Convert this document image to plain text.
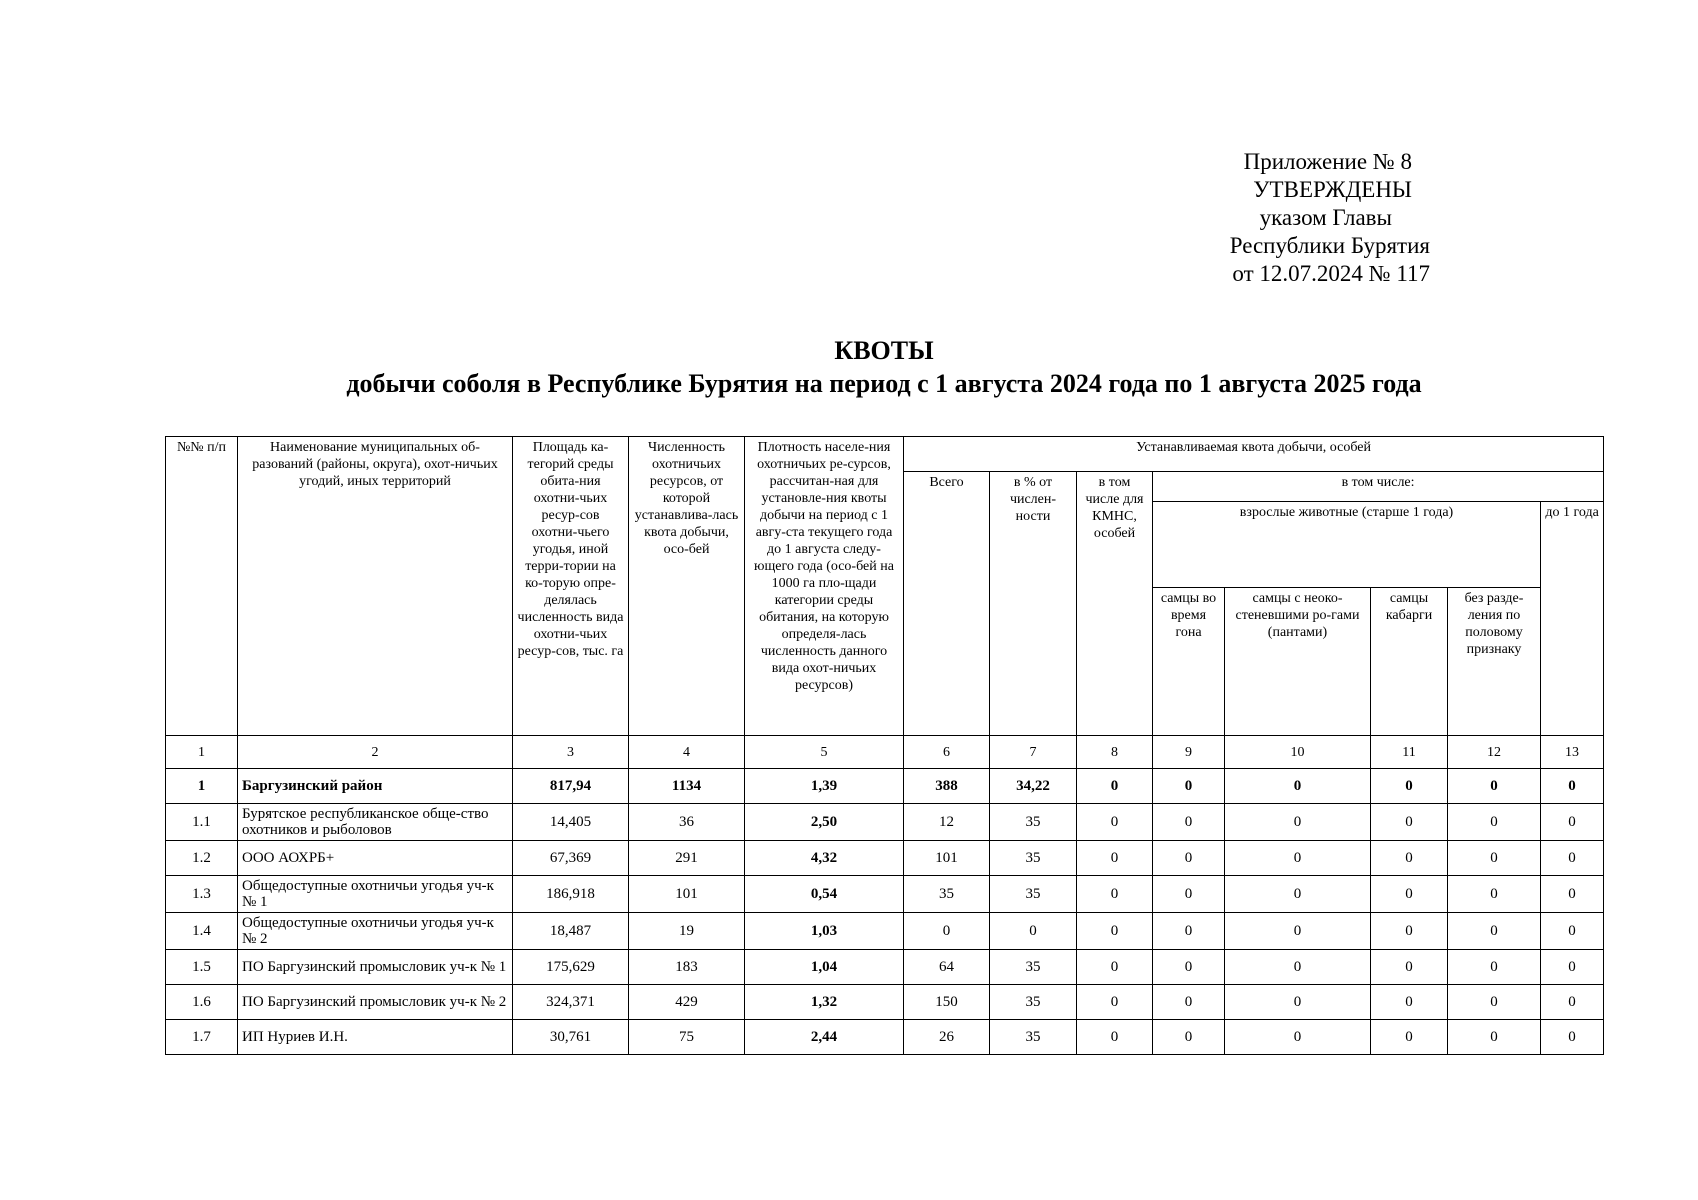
Приложение № 8
УТВЕРЖДЕНЫ
указом Главы
Республики Бурятия
от 12.07.2024 № 117
КВОТЫ
добычи соболя в Республике Бурятия на период с 1 августа 2024 года по 1 августа 2025 года
№№ п/п	Наименование муниципальных об-разований (районы, округа), охот-ничьих угодий, иных территорий	Площадь ка-тегорий среды обита-ния охотни-чьих ресур-сов охотни-чьего угодья, иной терри-тории на ко-торую опре-делялась численность вида охотни-чьих ресур-сов, тыс. га	Численность охотничьих ресурсов, от которой устанавлива-лась квота добычи, осо-бей	Плотность населе-ния охотничьих ре-сурсов, рассчитан-ная для установле-ния квоты добычи на период с 1 авгу-ста текущего года до 1 августа следу-ющего года (осо-бей на 1000 га пло-щади категории среды обитания, на которую определя-лась численность данного вида охот-ничьих ресурсов)	Устанавливаемая квота добычи, особей							
					Всего	в % от числен-ности	в том числе для КМНС, особей	в том числе:				
								взрослые животные (старше 1 года)				до 1 года
								самцы во время гона	самцы с неоко-стеневшими ро-гами (пантами)	самцы кабарги	без разде-ления по половому признаку	
1	2	3	4	5	6	7	8	9	10	11	12	13
1	Баргузинский район	817,94	1134	1,39	388	34,22	0	0	0	0	0	0
1.1	Бурятское республиканское обще-ство охотников и рыболовов	14,405	36	2,50	12	35	0	0	0	0	0	0
1.2	ООО АОХРБ+	67,369	291	4,32	101	35	0	0	0	0	0	0
1.3	Общедоступные охотничьи угодья уч-к № 1	186,918	101	0,54	35	35	0	0	0	0	0	0
1.4	Общедоступные охотничьи угодья уч-к № 2	18,487	19	1,03	0	0	0	0	0	0	0	0
1.5	ПО Баргузинский промысловик уч-к № 1	175,629	183	1,04	64	35	0	0	0	0	0	0
1.6	ПО Баргузинский промысловик уч-к № 2	324,371	429	1,32	150	35	0	0	0	0	0	0
1.7	ИП Нуриев И.Н.	30,761	75	2,44	26	35	0	0	0	0	0	0
